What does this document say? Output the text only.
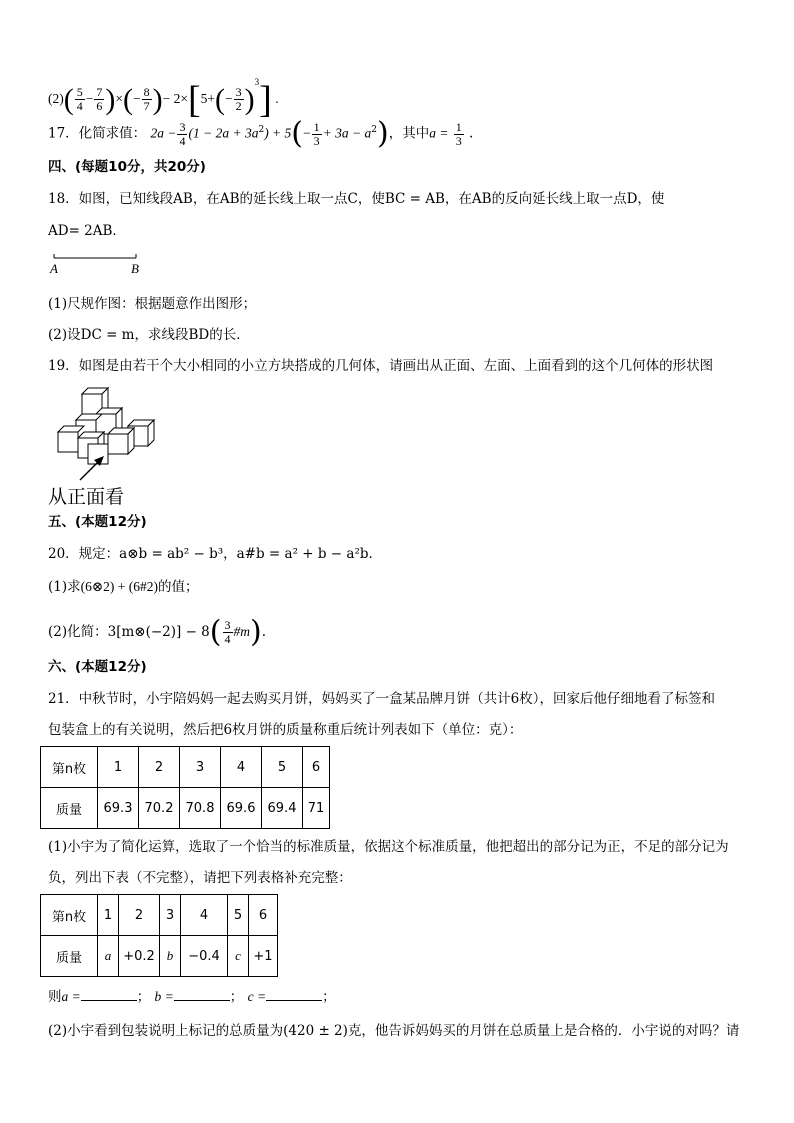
$(2)( \frac{5}{4} - \frac{7}{6}$ )×(− $\frac{8}{7}$ )− $2\times[5+(- \frac{3}{2} )^3]$ .
17．化简求值： $2a - \frac{3}{4} (1 - 2a + 3a^2) + 5(- \frac{1}{3} + 3a - a^2)$，其中$a = \frac{1}{3}$ .
四、(每题10分，共20分)
18．如图，已知线段AB，在AB的延长线上取一点C，使BC = AB，在AB的反向延长线上取一点D，使
AD= 2AB．
A	B
(1)尺规作图：根据题意作出图形；
(2)设DC = m，求线段BD的长．
19．如图是由若干个大小相同的小立方块搭成的几何体，请画出从正面、左面、上面看到的这个几何体的形状图
从正面看
五、(本题12分)
20．规定：a⊗b = ab² − b³，a#b = a² + b − a²b．
(1)求(6⊗2) + (6#2)的值；
(2)化简：3[m⊗(−2)] − $8( \frac{3}{4}$ #m).
六、(本题12分)
21．中秋节时，小宇陪妈妈一起去购买月饼，妈妈买了一盒某品牌月饼（共计6枚），回家后他仔细地看了标签和
包装盒上的有关说明，然后把6枚月饼的质量称重后统计列表如下（单位：克）：
第n枚	1	2	3	4	5	6
质量	69.3	70.2	70.8	69.6	69.4	71
(1)小宇为了简化运算，选取了一个恰当的标准质量，依据这个标准质量，他把超出的部分记为正，不足的部分记为
负，列出下表（不完整），请把下列表格补充完整：
第n枚	1	2	3	4	5	6
质量	a	+0.2	b	−0.4	c	+1
则a =	； b =	； c =	；
(2)小宇看到包装说明上标记的总质量为(420 ± 2)克，他告诉妈妈买的月饼在总质量上是合格的．小宇说的对吗？请
